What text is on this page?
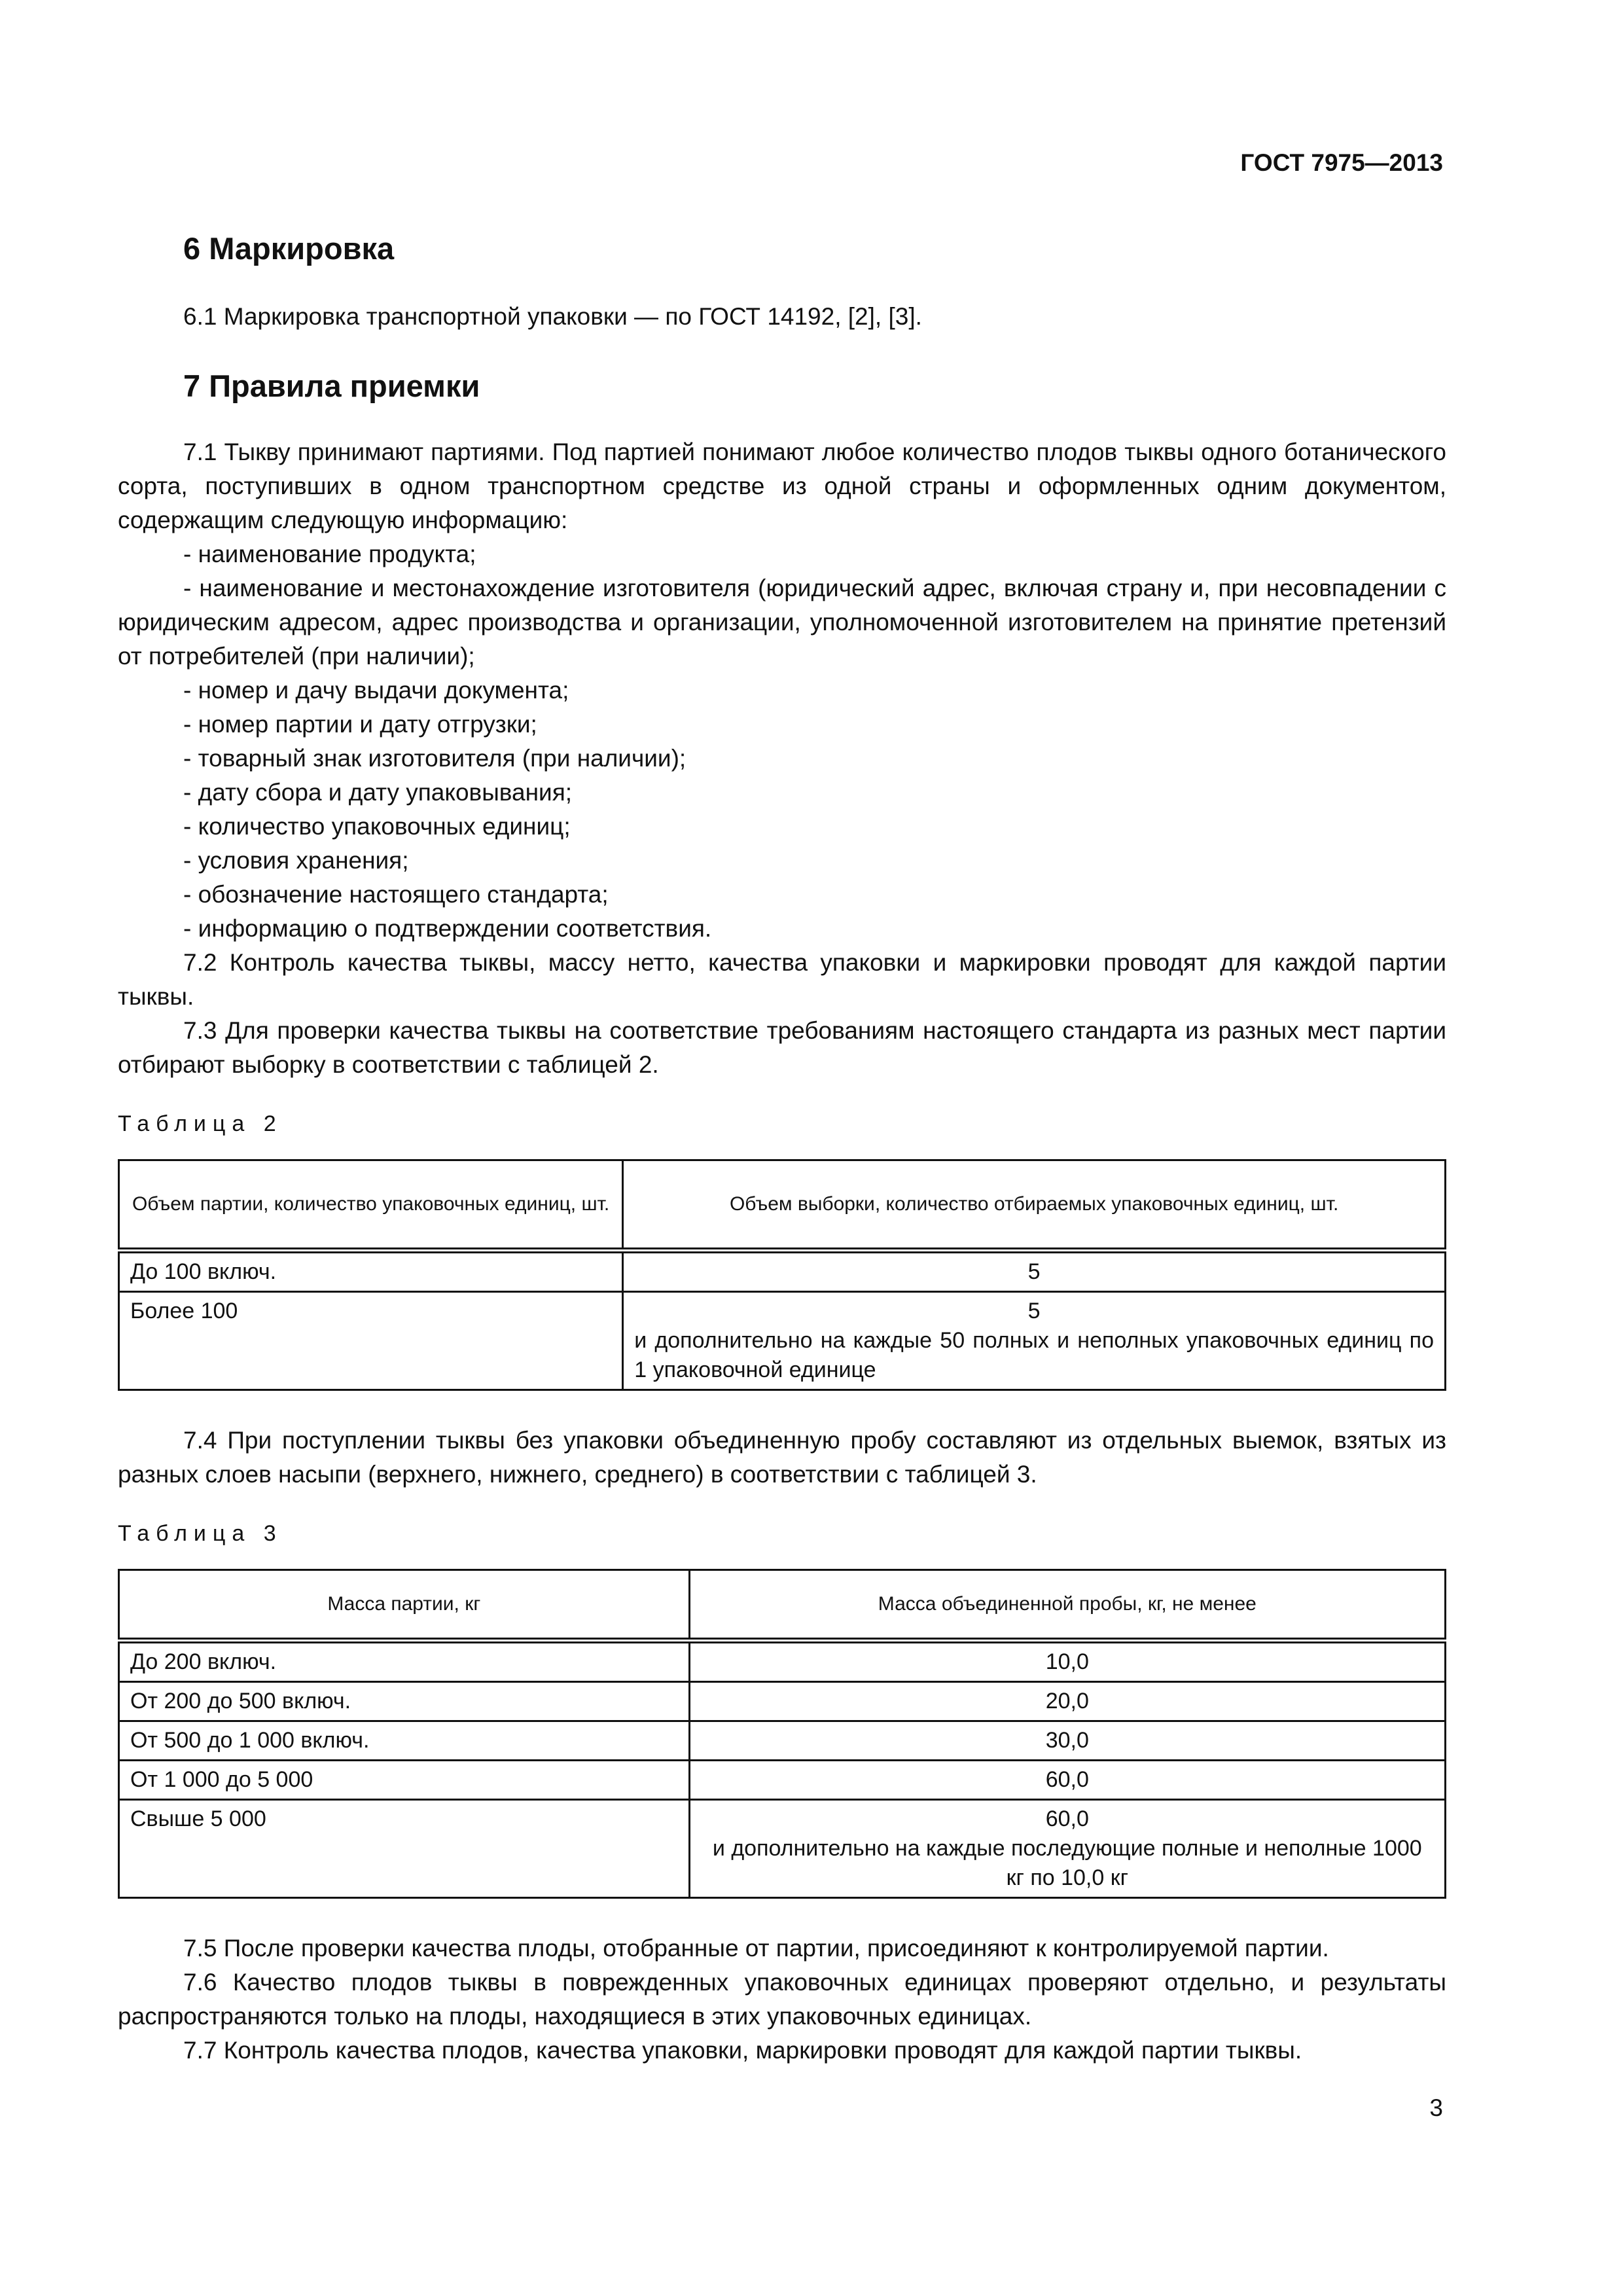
ГОСТ 7975—2013
6 Маркировка

6.1 Маркировка транспортной упаковки — по ГОСТ 14192, [2], [3].

7 Правила приемки

7.1 Тыкву принимают партиями. Под партией понимают любое количество плодов тыквы одного ботанического сорта, поступивших в одном транспортном средстве из одной страны и оформленных одним документом, содержащим следующую информацию:

- наименование продукта;

- наименование и местонахождение изготовителя (юридический адрес, включая страну и, при несовпадении с юридическим адресом, адрес производства и организации, уполномоченной изготовителем на принятие претензий от потребителей (при наличии);

- номер и дачу выдачи документа;

- номер партии и дату отгрузки;

- товарный знак изготовителя (при наличии);

- дату сбора и дату упаковывания;

- количество упаковочных единиц;

- условия хранения;

- обозначение настоящего стандарта;

- информацию о подтверждении соответствия.

7.2 Контроль качества тыквы, массу нетто, качества упаковки и маркировки проводят для каждой партии тыквы.

7.3 Для проверки качества тыквы на соответствие требованиям настоящего стандарта из разных мест партии отбирают выборку в соответствии с таблицей 2.

Таблица 2
Объем партии, количество упаковочных единиц, шт.	Объем выборки, количество отбираемых упаковочных единиц, шт.
До 100 включ.	5
Более 100	5
и дополнительно на каждые 50 полных и неполных упаковочных единиц по 1 упаковочной единице

7.4 При поступлении тыквы без упаковки объединенную пробу составляют из отдельных выемок, взятых из разных слоев насыпи (верхнего, нижнего, среднего) в соответствии с таблицей 3.

Таблица 3
Масса партии, кг	Масса объединенной пробы, кг, не менее
До 200 включ.	10,0
От 200 до 500 включ.	20,0
От 500 до 1 000 включ.	30,0
От 1 000 до 5 000	60,0
Свыше 5 000	60,0
и дополнительно на каждые последующие полные и неполные 1000 кг по 10,0 кг

7.5 После проверки качества плоды, отобранные от партии, присоединяют к контролируемой партии.

7.6 Качество плодов тыквы в поврежденных упаковочных единицах проверяют отдельно, и результаты распространяются только на плоды, находящиеся в этих упаковочных единицах.

7.7 Контроль качества плодов, качества упаковки, маркировки проводят для каждой партии тыквы.

3
